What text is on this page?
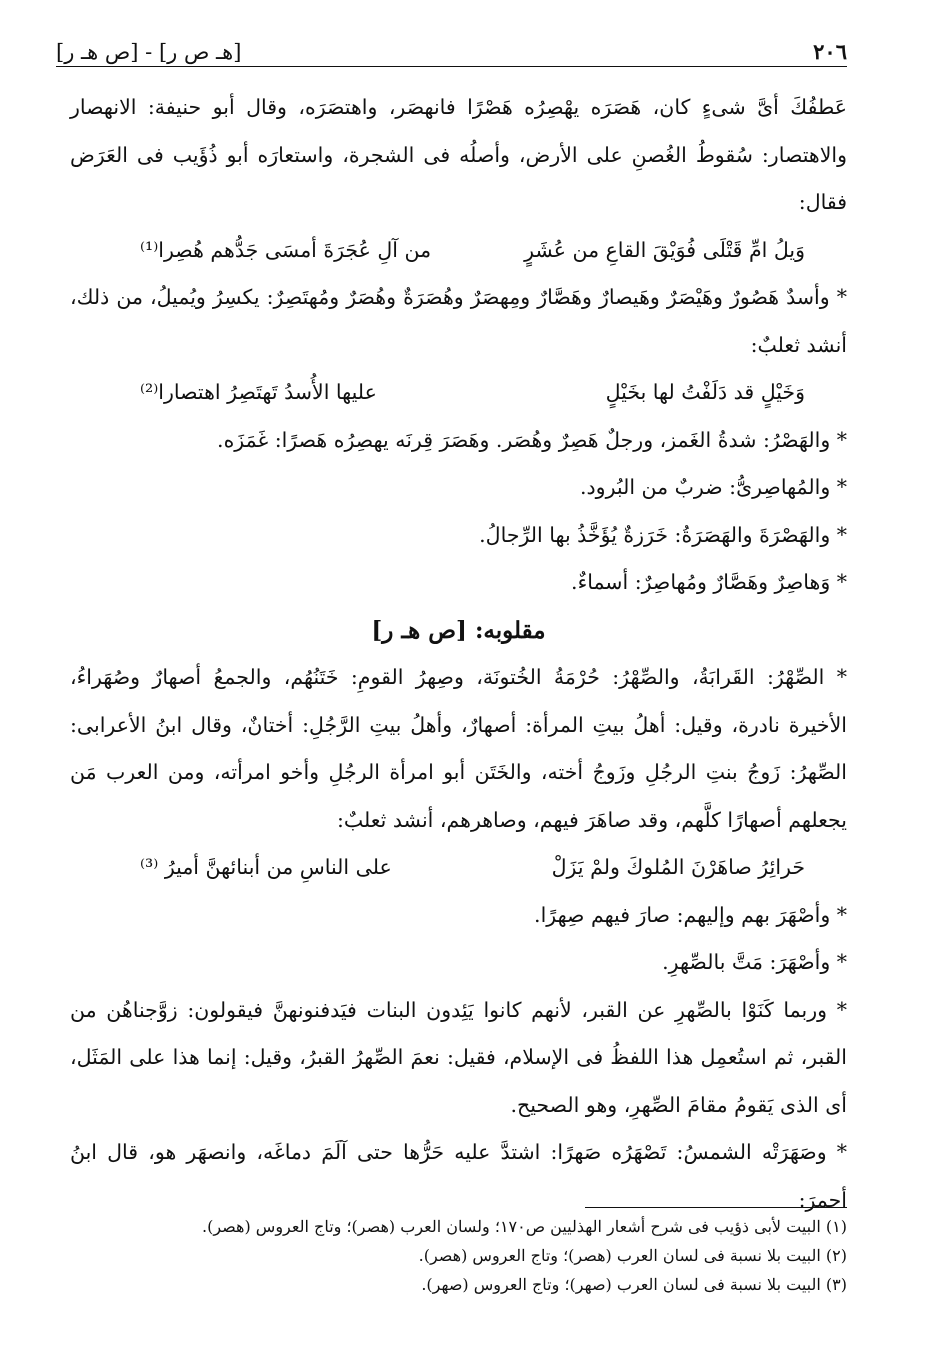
٢٠٦
[هـ ص ر] - [ص هـ ر]

عَطفُكَ أىَّ شىءٍ كان، هَصَرَه يهْصِرُه هَصْرًا فانهصَر، واهتصَرَه، وقال أبو حنيفة: الانهصار والاهتصار: سُقوطُ الغُصنِ على الأرض، وأصلُه فى الشجرة، واستعارَه أبو ذُؤَيب فى العَرَض فقال:

وَيلُ امِّ قَتْلَى فُوَيْقَ القاعِ من عُشَرٍ
من آلِ عُجَرَةَ أمسَى جَدُّهم هُصِرا⁽¹⁾

* وأسدٌ هَصُورٌ وهَيْصَرٌ وهَيصارٌ وهَصَّارٌ ومِهصَرٌ وهُصَرَةٌ وهُصَرٌ ومُهتَصِرٌ: يكسِرُ ويُميلُ، من ذلك، أنشد ثعلبٌ:

وَخَيْلٍ قد دَلَفْتُ لها بخَيْلٍ
عليها الأُسدُ تَهتَصِرُ اهتصارا⁽²⁾

* والهَصْرُ: شدةُ الغَمز، ورجلٌ هَصِرٌ وهُصَر. وهَصَرَ قِرنَه يهصِرُه هَصرًا: غَمَزَه.

* والمُهاصِرىُّ: ضربٌ من البُرود.

* والهَصْرَةَ والهَصَرَةُ: خَرَزةٌ يُؤَخَّذُ بها الرِّجالُ.

* وَهاصِرٌ وهَصَّارٌ ومُهاصِرٌ: أسماءٌ.

مقلوبه: [ص هـ ر]

* الصِّهْرُ: القَرابَةُ، والصِّهْرُ: حُرْمَةُ الخُتونَة، وصِهرُ القومِ: خَتَنُهُم، والجمعُ أصهارٌ وصُهَراءُ، الأخيرة نادرة، وقيل: أهلُ بيتِ المرأة: أصهارٌ، وأهلُ بيتِ الرَّجُلِ: أختانٌ، وقال ابنُ الأعرابى: الصِّهرُ: زَوجُ بنتِ الرجُلِ وزَوجُ أخته، والخَتَن أبو امرأة الرجُلِ وأخو امرأته، ومن العرب مَن يجعلهم أصهارًا كلَّهم، وقد صاهَرَ فيهم، وصاهرهم، أنشد ثعلبٌ:

حَرائِرُ صاهَرْنَ المُلوكَ ولمْ يَزَلْ
على الناسِ من أبنائهنَّ أميرُ ⁽³⁾

* وأصْهَرَ بهم وإليهم: صارَ فيهم صِهرًا.

* وأصْهَرَ: مَتَّ بالصِّهرِ.

* وربما كَنَوْا بالصِّهرِ عن القبر، لأنهم كانوا يَئِدون البنات فيَدفنونهنَّ فيقولون: زوَّجناهُن من القبر، ثم استُعمِل هذا اللفظُ فى الإسلام، فقيل: نعمَ الصِّهرُ القبرُ، وقيل: إنما هذا على المَثَل، أى الذى يَقومُ مقامَ الصِّهرِ، وهو الصحيح.

* وصَهَرَتْه الشمسُ: تَصْهَرُه صَهرًا: اشتدَّ عليه حَرُّها حتى آلَمَ دماغَه، وانصهَر هو، قال ابنُ أحمرَ:

(١) البيت لأبى ذؤيب فى شرح أشعار الهذليين ص١٧٠؛ ولسان العرب (هصر)؛ وتاج العروس (هصر).

(٢) البيت بلا نسبة فى لسان العرب (هصر)؛ وتاج العروس (هصر).

(٣) البيت بلا نسبة فى لسان العرب (صهر)؛ وتاج العروس (صهر).
